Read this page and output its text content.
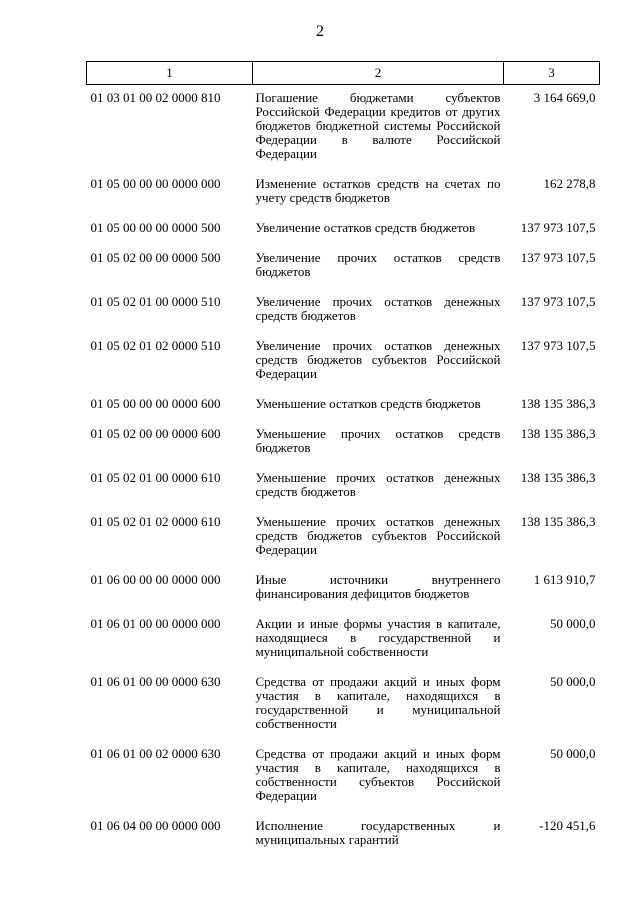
2
1	2	3
01 03 01 00 02 0000 810	Погашение бюджетами субъектов Российской Федерации кредитов от других бюджетов бюджетной системы Российской Федерации в валюте Российской Федерации	3 164 669,0
01 05 00 00 00 0000 000	Изменение остатков средств на счетах по учету средств бюджетов	162 278,8
01 05 00 00 00 0000 500	Увеличение остатков средств бюджетов	137 973 107,5
01 05 02 00 00 0000 500	Увеличение прочих остатков средств бюджетов	137 973 107,5
01 05 02 01 00 0000 510	Увеличение прочих остатков денежных средств бюджетов	137 973 107,5
01 05 02 01 02 0000 510	Увеличение прочих остатков денежных средств бюджетов субъектов Российской Федерации	137 973 107,5
01 05 00 00 00 0000 600	Уменьшение остатков средств бюджетов	138 135 386,3
01 05 02 00 00 0000 600	Уменьшение прочих остатков средств бюджетов	138 135 386,3
01 05 02 01 00 0000 610	Уменьшение прочих остатков денежных средств бюджетов	138 135 386,3
01 05 02 01 02 0000 610	Уменьшение прочих остатков денежных средств бюджетов субъектов Российской Федерации	138 135 386,3
01 06 00 00 00 0000 000	Иные источники внутреннего финансирования дефицитов бюджетов	1 613 910,7
01 06 01 00 00 0000 000	Акции и иные формы участия в капитале, находящиеся в государственной и муниципальной собственности	50 000,0
01 06 01 00 00 0000 630	Средства от продажи акций и иных форм участия в капитале, находящихся в государственной и муниципальной собственности	50 000,0
01 06 01 00 02 0000 630	Средства от продажи акций и иных форм участия в капитале, находящихся в собственности субъектов Российской Федерации	50 000,0
01 06 04 00 00 0000 000	Исполнение государственных и муниципальных гарантий	-120 451,6
